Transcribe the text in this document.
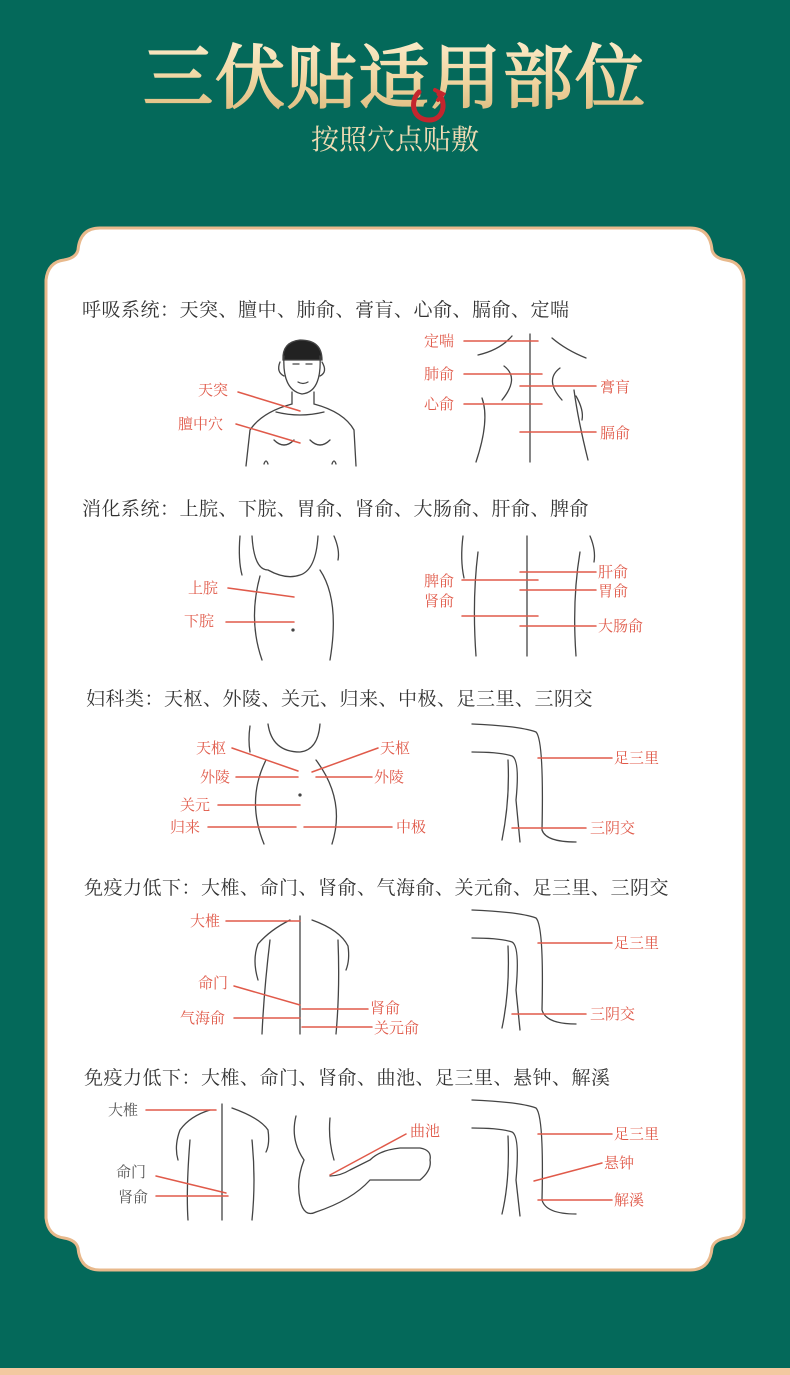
三伏贴适用部位
按照穴点贴敷
呼吸系统：天突、膻中、肺俞、膏肓、心俞、膈俞、定喘
消化系统：上脘、下脘、胃俞、肾俞、大肠俞、肝俞、脾俞
妇科类：天枢、外陵、关元、归来、中极、足三里、三阴交
免疫力低下：大椎、命门、肾俞、气海俞、关元俞、足三里、三阴交
免疫力低下：大椎、命门、肾俞、曲池、足三里、悬钟、解溪
天突
膻中穴
定喘
肺俞
心俞
膏肓
膈俞
上脘
下脘
脾俞
肾俞
肝俞
胃俞
大肠俞
天枢
外陵
关元
归来
天枢
外陵
中极
足三里
三阴交
大椎
命门
气海俞
肾俞
关元俞
足三里
三阴交
大椎
命门
肾俞
曲池	足三里
悬钟
解溪
